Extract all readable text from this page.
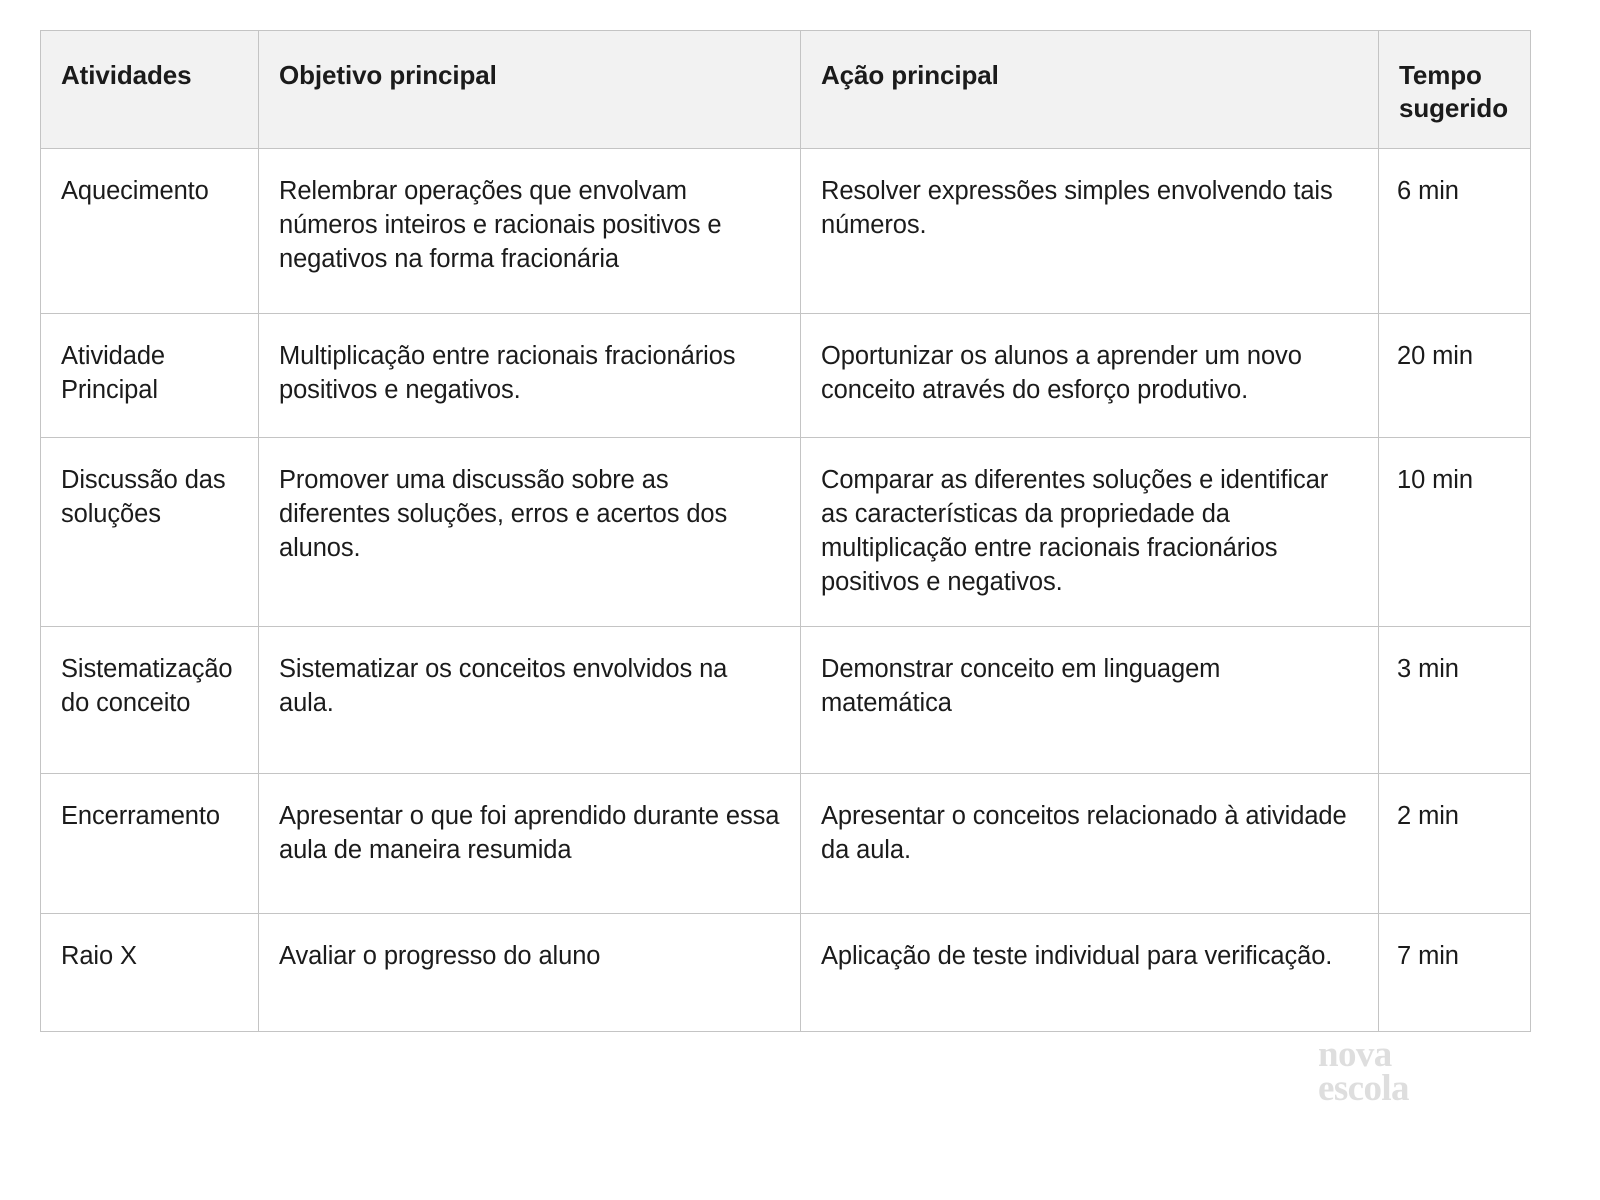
Atividades	Objetivo principal	Ação principal	Tempo sugerido

Aquecimento	Relembrar operações que envolvam números inteiros e racionais positivos e negativos na forma fracionária	Resolver expressões simples envolvendo tais números.	6 min

Atividade Principal	Multiplicação entre racionais fracionários positivos e negativos.	Oportunizar os alunos a aprender um novo conceito através do esforço produtivo.	20 min

Discussão das soluções	Promover uma discussão sobre as diferentes soluções, erros e acertos dos alunos.	Comparar as diferentes soluções e identificar as características da propriedade da multiplicação entre racionais fracionários positivos e negativos.	10 min

Sistematização do conceito	Sistematizar os conceitos envolvidos na aula.	Demonstrar conceito em linguagem matemática	3 min

Encerramento	Apresentar o que foi aprendido durante essa aula de maneira resumida	Apresentar o conceitos relacionado à atividade da aula.	2 min

Raio X	Avaliar o progresso do aluno	Aplicação de teste individual para verificação.	7 min
nova
escola
